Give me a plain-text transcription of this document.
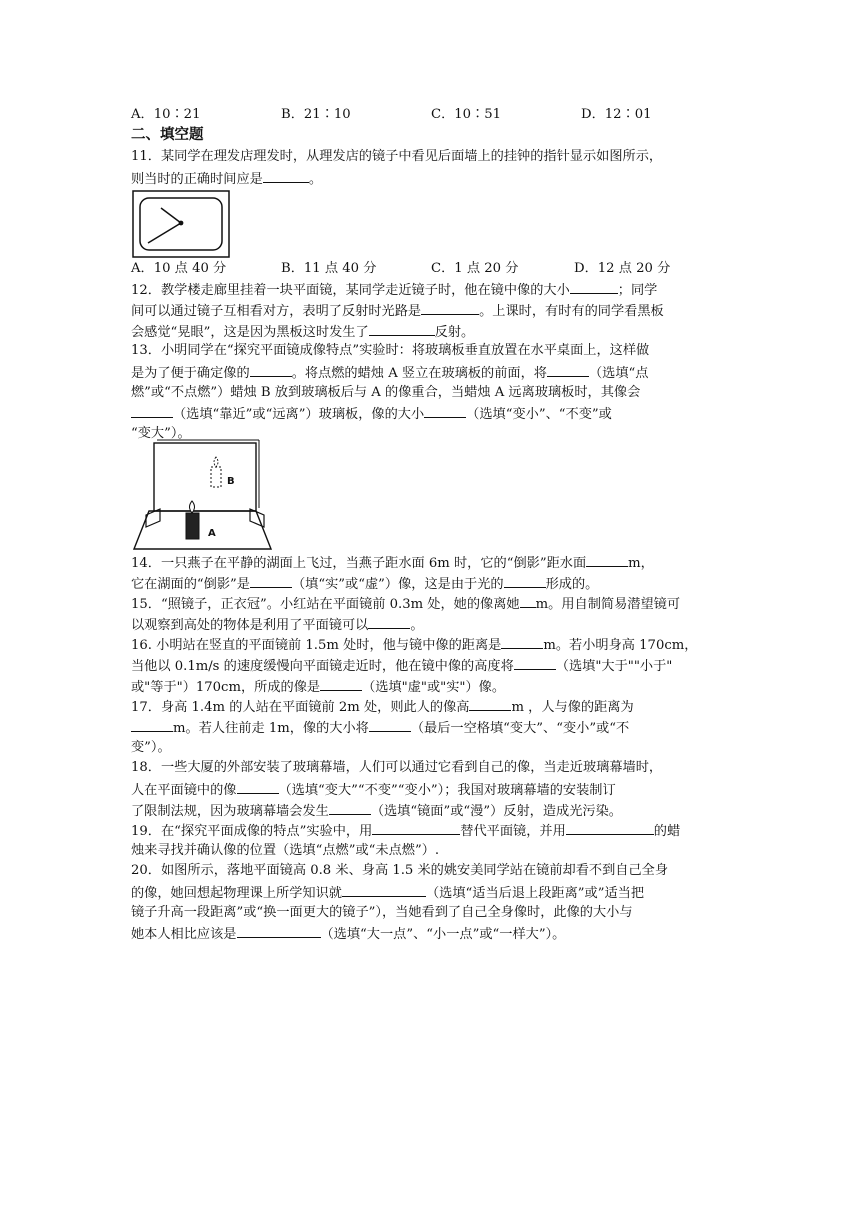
A．10∶21	B．21∶10	C．10∶51	D．12∶01
二、填空题
11．某同学在理发店理发时，从理发店的镜子中看见后面墙上的挂钟的指针显示如图所示，
则当时的正确时间应是	。
A．10 点 40 分	B．11 点 40 分	C．1 点 20 分	D．12 点 20 分
12．教学楼走廊里挂着一块平面镜，某同学走近镜子时，他在镜中像的大小	；同学
间可以通过镜子互相看对方，表明了反射时光路是	。上课时，有时有的同学看黑板
会感觉“晃眼”，这是因为黑板这时发生了	反射。
13．小明同学在“探究平面镜成像特点”实验时：将玻璃板垂直放置在水平桌面上，这样做
是为了便于确定像的	。将点燃的蜡烛 A 竖立在玻璃板的前面，将	（选填“点
燃”或“不点燃”）蜡烛 B 放到玻璃板后与 A 的像重合，当蜡烛 A 远离玻璃板时，其像会
（选填“靠近”或“远离”）玻璃板，像的大小	（选填“变小”、“不变”或
“变大”）。
B
A
14．一只燕子在平静的湖面上飞过，当燕子距水面 6m 时，它的“倒影”距水面	m，
它在湖面的“倒影”是	（填“实”或“虚”）像，这是由于光的	形成的。
15．“照镜子，正衣冠”。小红站在平面镜前 0.3m 处，她的像离她 m。用自制简易潜望镜可
以观察到高处的物体是利用了平面镜可以	。
16. 小明站在竖直的平面镜前 1.5m 处时，他与镜中像的距离是	m。若小明身高 170cm，
当他以 0.1m/s 的速度缓慢向平面镜走近时，他在镜中像的高度将	（选填"大于""小于"
或"等于"）170cm，所成的像是	（选填"虚"或"实"）像。
17．身高 1.4m 的人站在平面镜前 2m 处，则此人的像高	m ，人与像的距离为
m。若人往前走 1m，像的大小将	（最后一空格填“变大”、“变小”或“不
变”）。
18．一些大厦的外部安装了玻璃幕墙，人们可以通过它看到自己的像，当走近玻璃幕墙时，
人在平面镜中的像	（选填“变大”“不变”“变小”）；我国对玻璃幕墙的安装制订
了限制法规，因为玻璃幕墙会发生	（选填“镜面”或“漫”）反射，造成光污染。
19．在“探究平面成像的特点”实验中，用	替代平面镜，并用	的蜡
烛来寻找并确认像的位置（选填“点燃”或“未点燃”）.
20．如图所示，落地平面镜高 0.8 米、身高 1.5 米的姚安美同学站在镜前却看不到自己全身
的像，她回想起物理课上所学知识就	（选填“适当后退上段距离”或”适当把
镜子升高一段距离”或“换一面更大的镜子”），当她看到了自己全身像时，此像的大小与
她本人相比应该是	（选填“大一点”、“小一点”或“一样大”）。
